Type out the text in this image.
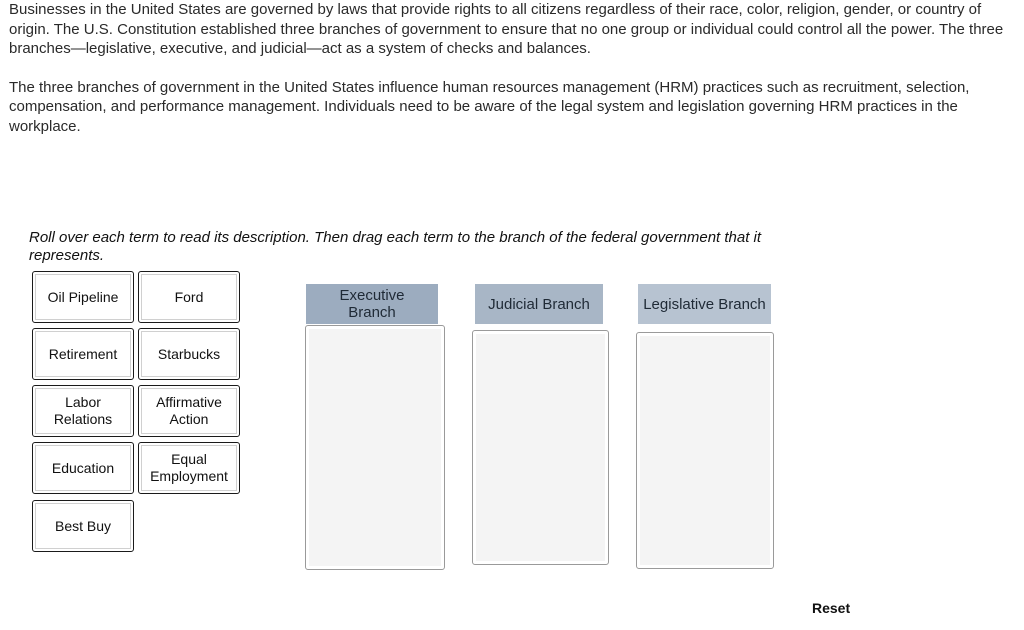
Businesses in the United States are governed by laws that provide rights to all citizens regardless of their race, color, religion, gender, or country of origin. The U.S. Constitution established three branches of government to ensure that no one group or individual could control all the power. The three branches—legislative, executive, and judicial—act as a system of checks and balances.

The three branches of government in the United States influence human resources management (HRM) practices such as recruitment, selection, compensation, and performance management. Individuals need to be aware of the legal system and legislation governing HRM practices in the workplace.

Roll over each term to read its description. Then drag each term to the branch of the federal government that it represents.
Oil Pipeline	Ford
Retirement	Starbucks
Labor Relations
Affirmative Action
Education
Equal Employment
Best Buy
Executive Branch	Judicial Branch	Legislative Branch
Reset
